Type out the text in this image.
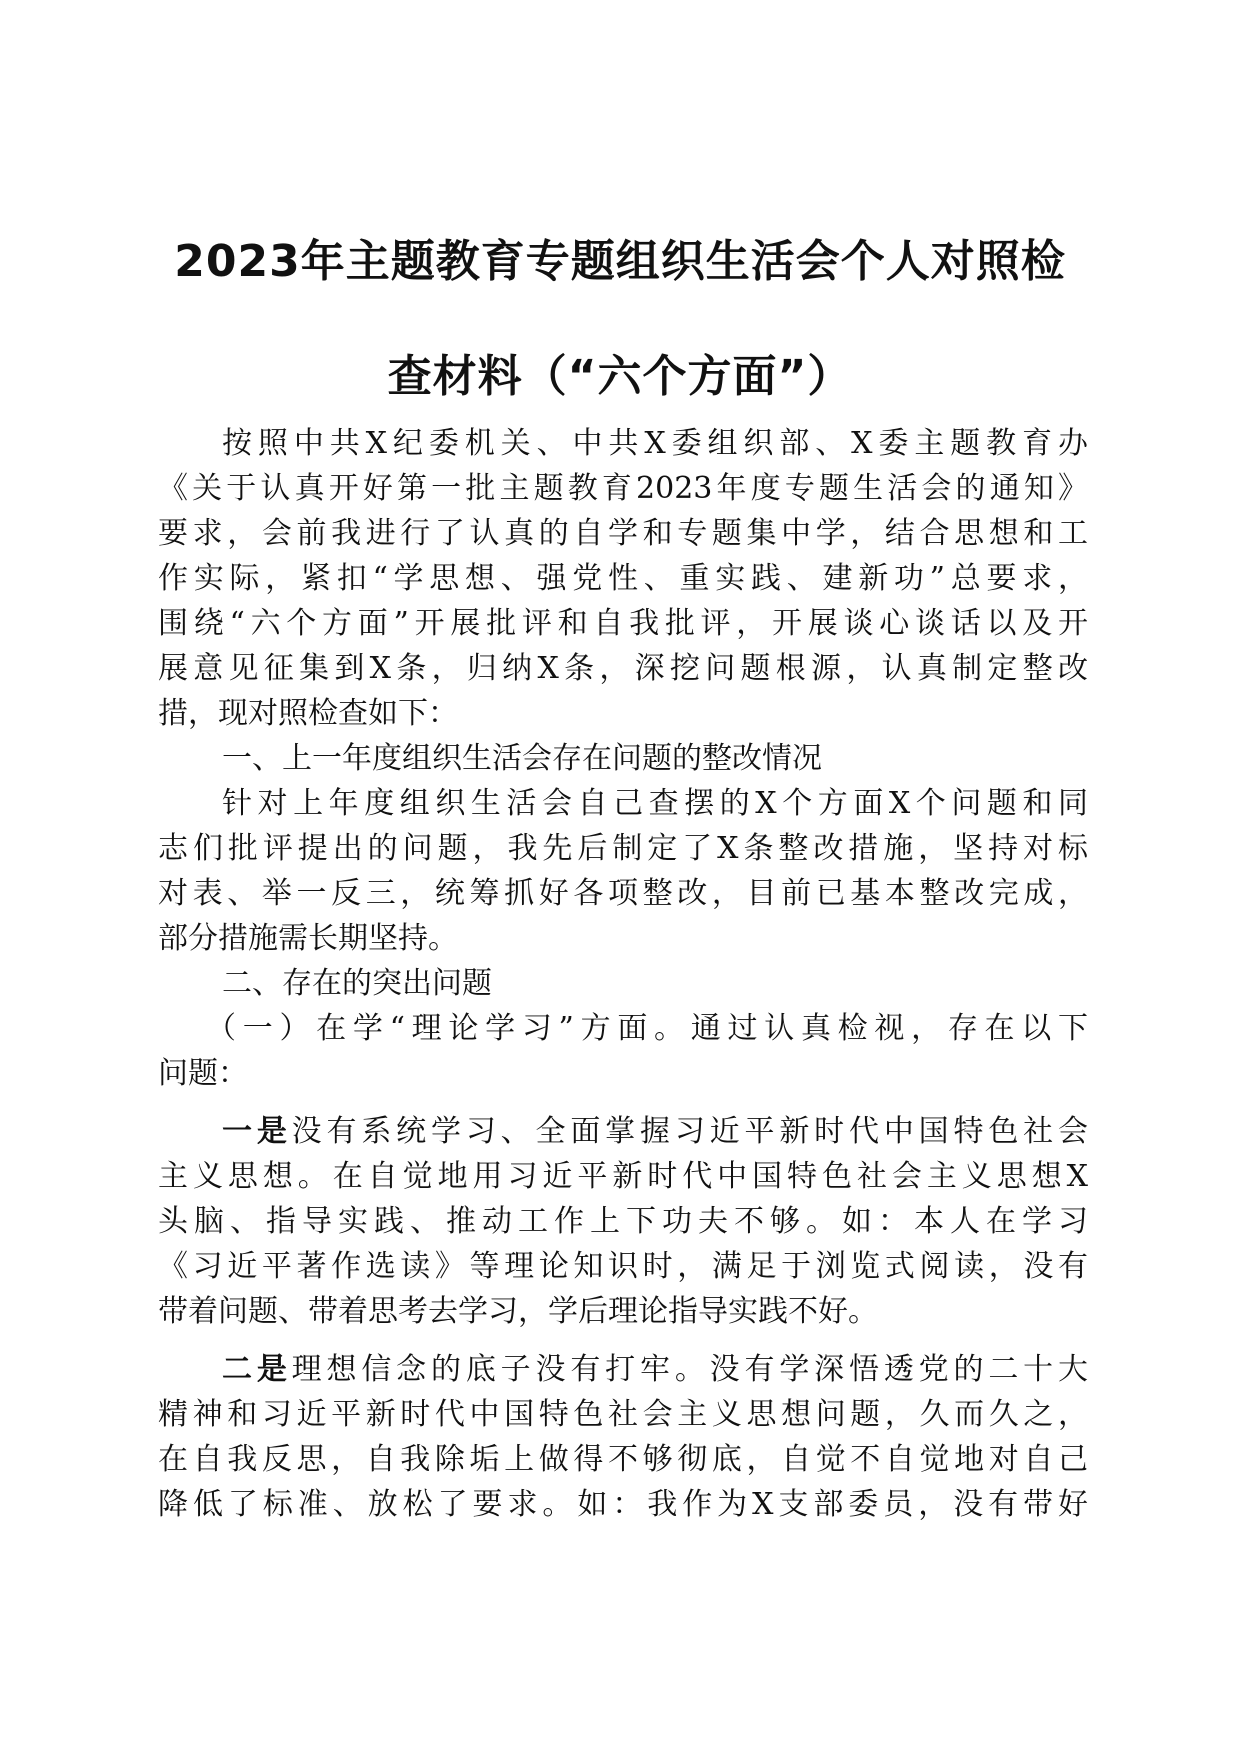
2023年主题教育专题组织生活会个人对照检
查材料（“六个方面”）

按照中共X纪委机关、中共X委组织部、X委主题教育办

《关于认真开好第一批主题教育2023年度专题生活会的通知》

要求，会前我进行了认真的自学和专题集中学，结合思想和工

作实际，紧扣“学思想、强党性、重实践、建新功”总要求，

围绕“六个方面”开展批评和自我批评，开展谈心谈话以及开

展意见征集到X条，归纳X条，深挖问题根源，认真制定整改

措，现对照检查如下：

一、上一年度组织生活会存在问题的整改情况

针对上年度组织生活会自己查摆的X个方面X个问题和同

志们批评提出的问题，我先后制定了X条整改措施，坚持对标

对表、举一反三，统筹抓好各项整改，目前已基本整改完成，

部分措施需长期坚持。

二、存在的突出问题

（一）在学“理论学习”方面。通过认真检视，存在以下

问题：

一是没有系统学习、全面掌握习近平新时代中国特色社会

主义思想。在自觉地用习近平新时代中国特色社会主义思想X

头脑、指导实践、推动工作上下功夫不够。如：本人在学习

《习近平著作选读》等理论知识时，满足于浏览式阅读，没有

带着问题、带着思考去学习，学后理论指导实践不好。

二是理想信念的底子没有打牢。没有学深悟透党的二十大

精神和习近平新时代中国特色社会主义思想问题，久而久之，

在自我反思，自我除垢上做得不够彻底，自觉不自觉地对自己

降低了标准、放松了要求。如：我作为X支部委员，没有带好
